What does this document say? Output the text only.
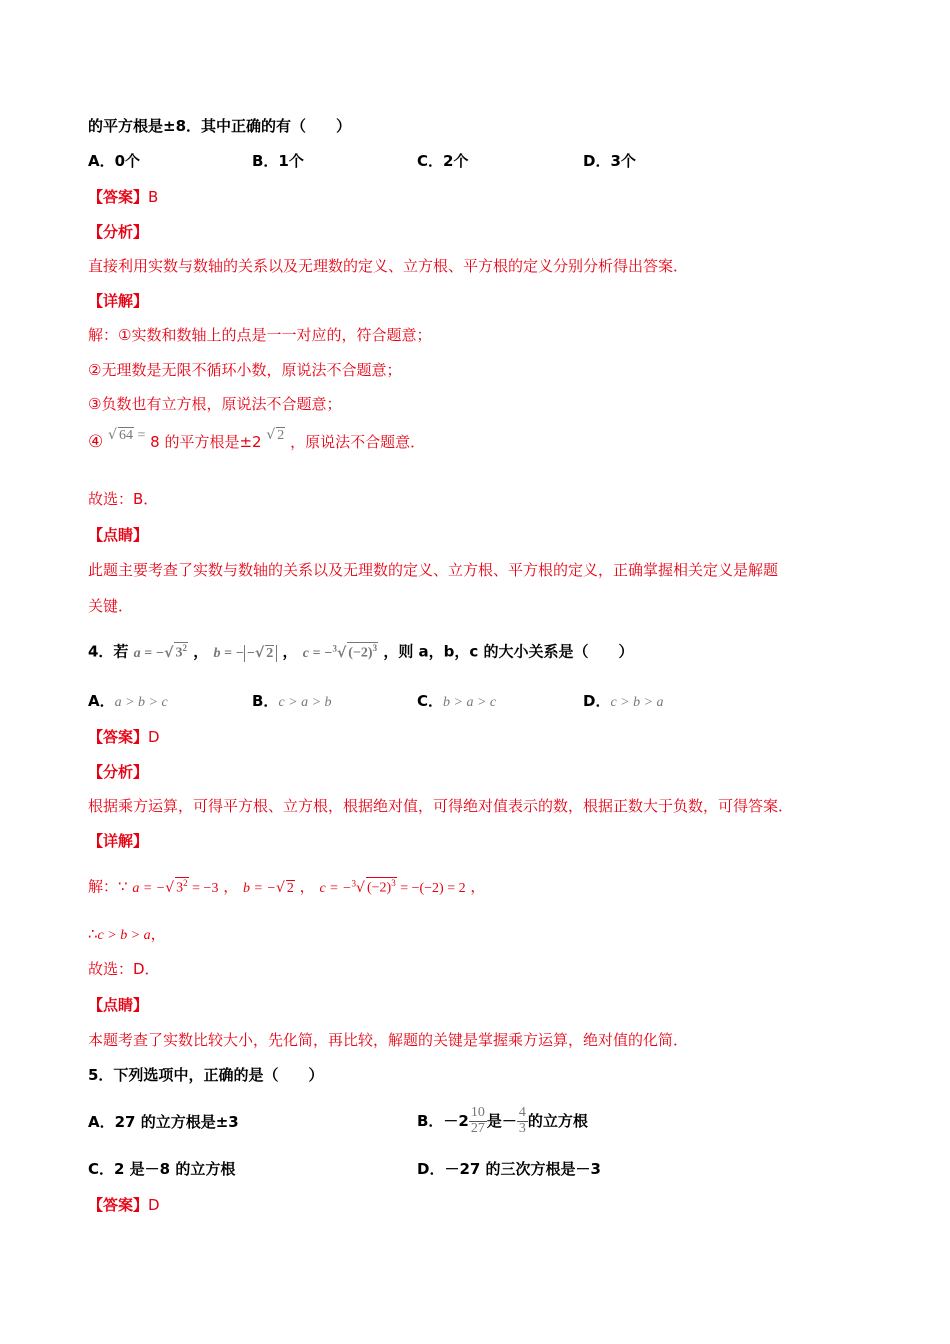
的平方根是±8．其中正确的有（　　）
A．0个	B．1个	C．2个	D．3个
【答案】B
【分析】
直接利用实数与数轴的关系以及无理数的定义、立方根、平方根的定义分别分析得出答案．
【详解】
解：①实数和数轴上的点是一一对应的，符合题意；
②无理数是无限不循环小数，原说法不合题意；
③负数也有立方根，原说法不合题意；
④ √ 64 = 8 的平方根是±2 √ 2 ，原说法不合题意．
故选：B．
【点睛】
此题主要考查了实数与数轴的关系以及无理数的定义、立方根、平方根的定义，正确掌握相关定义是解题
关键．
4．若 a = −√ $3^2$ ， b = − −√ 2 ， c = −$^3$√ $(-2)^3$ ，则 a，b，c 的大小关系是（　　）
A．a > b > c	B．c > a > b	C．b > a > c	D．c > b > a
【答案】D
【分析】
根据乘方运算，可得平方根、立方根，根据绝对值，可得绝对值表示的数，根据正数大于负数，可得答案．
【详解】
解：∵ a = −√ $3^2 = -3$ ， b = −√ 2 ， c = −$^3$√ $(-2)^3 = -(-2) = 2$ ，
∴c > b > a，
故选：D．
【点睛】
本题考查了实数比较大小，先化简，再比较，解题的关键是掌握乘方运算，绝对值的化简．
5．下列选项中，正确的是（　　）
A．27 的立方根是±3	B．$-2 \frac{10}{27}$ 是－ $\frac{4}{3}$ 的立方根
C．2 是－8 的立方根	D．－27 的三次方根是－3
【答案】D
